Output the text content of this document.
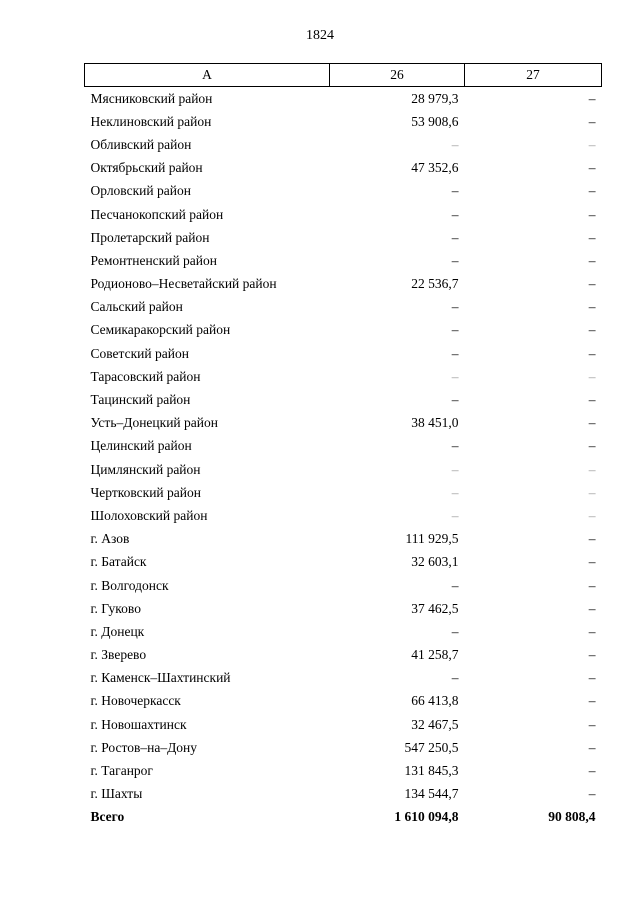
1824
A	26	27
Мясниковский район	28 979,3	–
Неклиновский район	53 908,6	–
Обливский район	–	–
Октябрьский район	47 352,6	–
Орловский район	–	–
Песчанокопский район	–	–
Пролетарский район	–	–
Ремонтненский район	–	–
Родионово–Несветайский район	22 536,7	–
Сальский район	–	–
Семикаракорский район	–	–
Советский район	–	–
Тарасовский район	–	–
Тацинский район	–	–
Усть–Донецкий район	38 451,0	–
Целинский район	–	–
Цимлянский район	–	–
Чертковский район	–	–
Шолоховский район	–	–
г. Азов	111 929,5	–
г. Батайск	32 603,1	–
г. Волгодонск	–	–
г. Гуково	37 462,5	–
г. Донецк	–	–
г. Зверево	41 258,7	–
г. Каменск–Шахтинский	–	–
г. Новочеркасск	66 413,8	–
г. Новошахтинск	32 467,5	–
г. Ростов–на–Дону	547 250,5	–
г. Таганрог	131 845,3	–
г. Шахты	134 544,7	–
Всего	1 610 094,8	90 808,4
